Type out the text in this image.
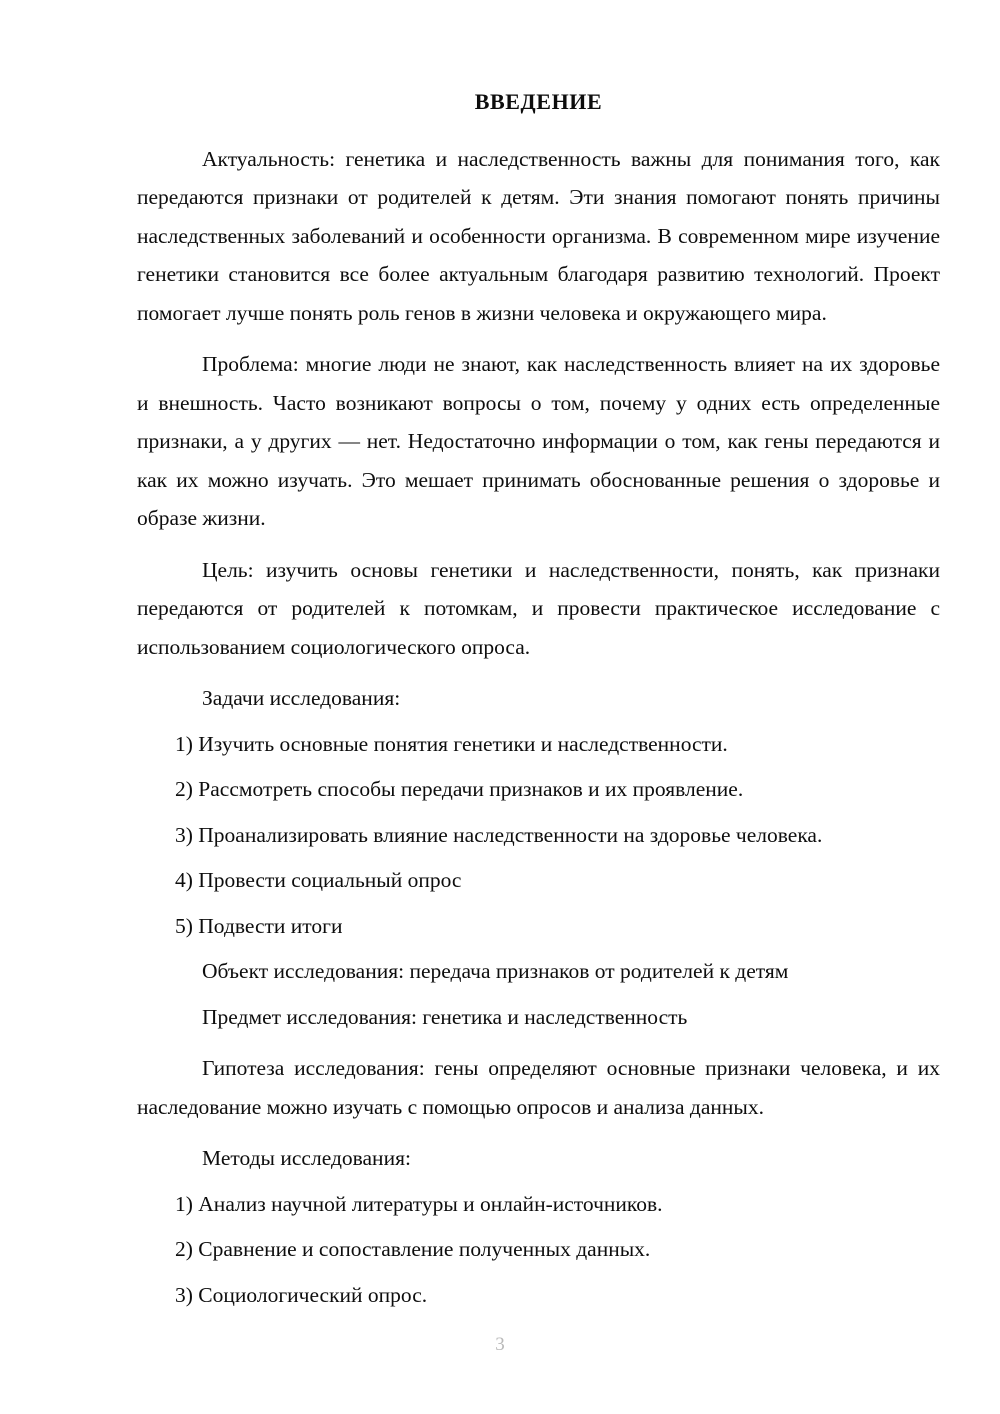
ВВЕДЕНИЕ

Актуальность: генетика и наследственность важны для понимания того, как передаются признаки от родителей к детям. Эти знания помогают понять причины наследственных заболеваний и особенности организма. В современном мире изучение генетики становится все более актуальным благодаря развитию технологий. Проект помогает лучше понять роль генов в жизни человека и окружающего мира.

Проблема: многие люди не знают, как наследственность влияет на их здоровье и внешность. Часто возникают вопросы о том, почему у одних есть определенные признаки, а у других — нет. Недостаточно информации о том, как гены передаются и как их можно изучать. Это мешает принимать обоснованные решения о здоровье и образе жизни.

Цель: изучить основы генетики и наследственности, понять, как признаки передаются от родителей к потомкам, и провести практическое исследование с использованием социологического опроса.

Задачи исследования:

1) Изучить основные понятия генетики и наследственности.
2) Рассмотреть способы передачи признаков и их проявление.
3) Проанализировать влияние наследственности на здоровье человека.
4) Провести социальный опрос
5) Подвести итоги

Объект исследования: передача признаков от родителей к детям

Предмет исследования: генетика и наследственность

Гипотеза исследования: гены определяют основные признаки человека, и их наследование можно изучать с помощью опросов и анализа данных.

Методы исследования:

1) Анализ научной литературы и онлайн-источников.
2) Сравнение и сопоставление полученных данных.
3) Социологический опрос.
3
